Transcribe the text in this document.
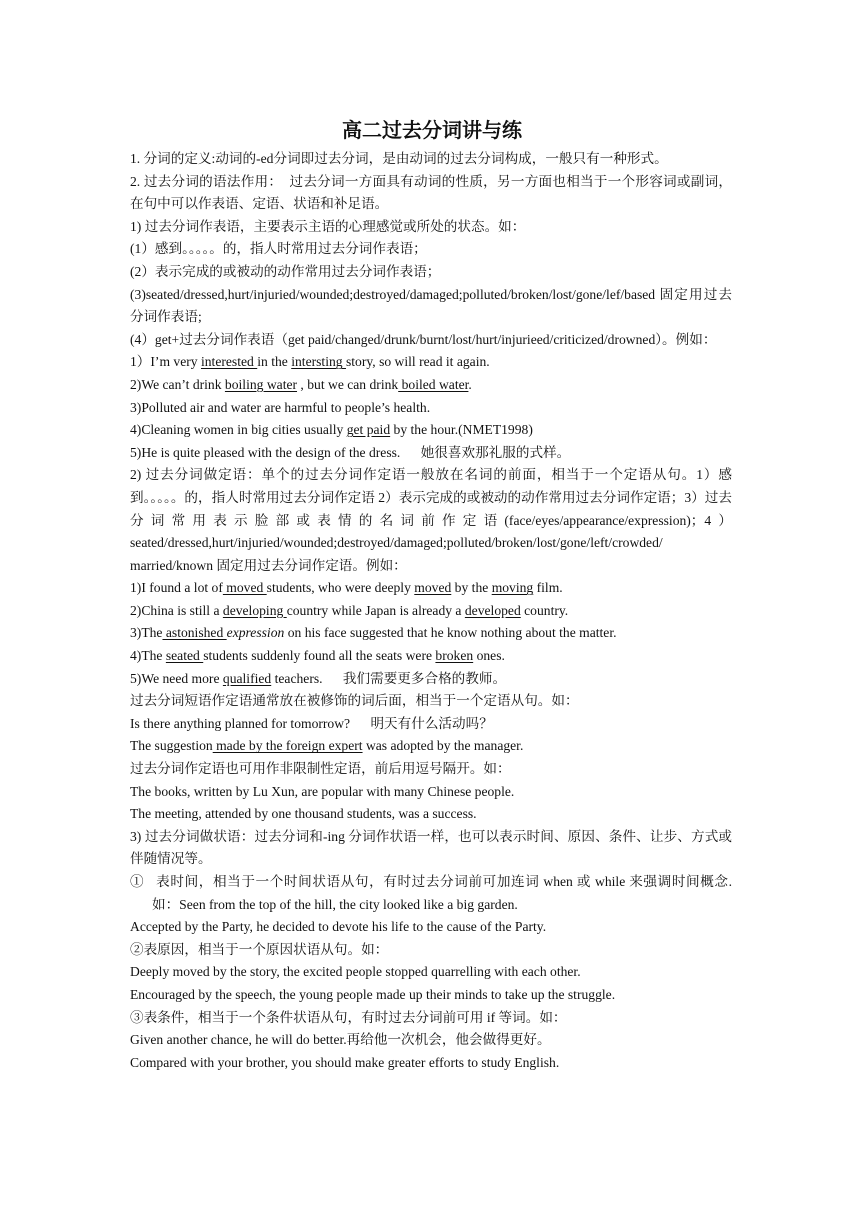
高二过去分词讲与练

1. 分词的定义:动词的-ed分词即过去分词，是由动词的过去分词构成，一般只有一种形式。

2. 过去分词的语法作用：  过去分词一方面具有动词的性质，另一方面也相当于一个形容词或副词，在句中可以作表语、定语、状语和补足语。

1) 过去分词作表语，主要表示主语的心理感觉或所处的状态。如：

(1）感到。。。。。的，指人时常用过去分词作表语；

(2）表示完成的或被动的动作常用过去分词作表语；

(3)seated/dressed,hurt/injuried/wounded;destroyed/damaged;polluted/broken/lost/gone/lef/based 固定用过去分词作表语;

(4）get+过去分词作表语（get paid/changed/drunk/burnt/lost/hurt/injurieed/criticized/drowned）。例如：

1）I’m very interested in the intersting story, so will read it again.

2)We can’t drink boiling water , but we can drink boiled water.

3)Polluted air and water are harmful to people’s health.

4)Cleaning women in big cities usually get paid by the hour.(NMET1998)

5)He is quite pleased with the design of the dress.      她很喜欢那礼服的式样。

2) 过去分词做定语：单个的过去分词作定语一般放在名词的前面，相当于一个定语从句。1）感到。。。。。的，指人时常用过去分词作定语 2）表示完成的或被动的动作常用过去分词作定语；3）过去分词常用表示脸部或表情的名词前作定语(face/eyes/appearance/expression)；4）seated/dressed,hurt/injuried/wounded;destroyed/damaged;polluted/broken/lost/gone/left/crowded/ married/known 固定用过去分词作定语。例如：

1)I found a lot of moved students, who were deeply moved by the moving film.

2)China is still a developing country while Japan is already a developed country.

3)The astonished expression on his face suggested that he know nothing about the matter.

4)The seated students suddenly found all the seats were broken ones.

5)We need more qualified teachers.      我们需要更多合格的教师。

过去分词短语作定语通常放在被修饰的词后面，相当于一个定语从句。如：

Is there anything planned for tomorrow?      明天有什么活动吗？

The suggestion made by the foreign expert was adopted by the manager.

过去分词作定语也可用作非限制性定语，前后用逗号隔开。如：

The books, written by Lu Xun, are popular with many Chinese people.

The meeting, attended by one thousand students, was a success.

3) 过去分词做状语：过去分词和-ing 分词作状语一样，也可以表示时间、原因、条件、让步、方式或伴随情况等。

①   表时间，相当于一个时间状语从句，有时过去分词前可加连词 when 或 while 来强调时间概念.如：Seen from the top of the hill, the city looked like a big garden.

Accepted by the Party, he decided to devote his life to the cause of the Party.

②表原因，相当于一个原因状语从句。如：

Deeply moved by the story, the excited people stopped quarrelling with each other.

Encouraged by the speech, the young people made up their minds to take up the struggle.

③表条件，相当于一个条件状语从句，有时过去分词前可用 if 等词。如：

Given another chance, he will do better.再给他一次机会，他会做得更好。

Compared with your brother, you should make greater efforts to study English.
